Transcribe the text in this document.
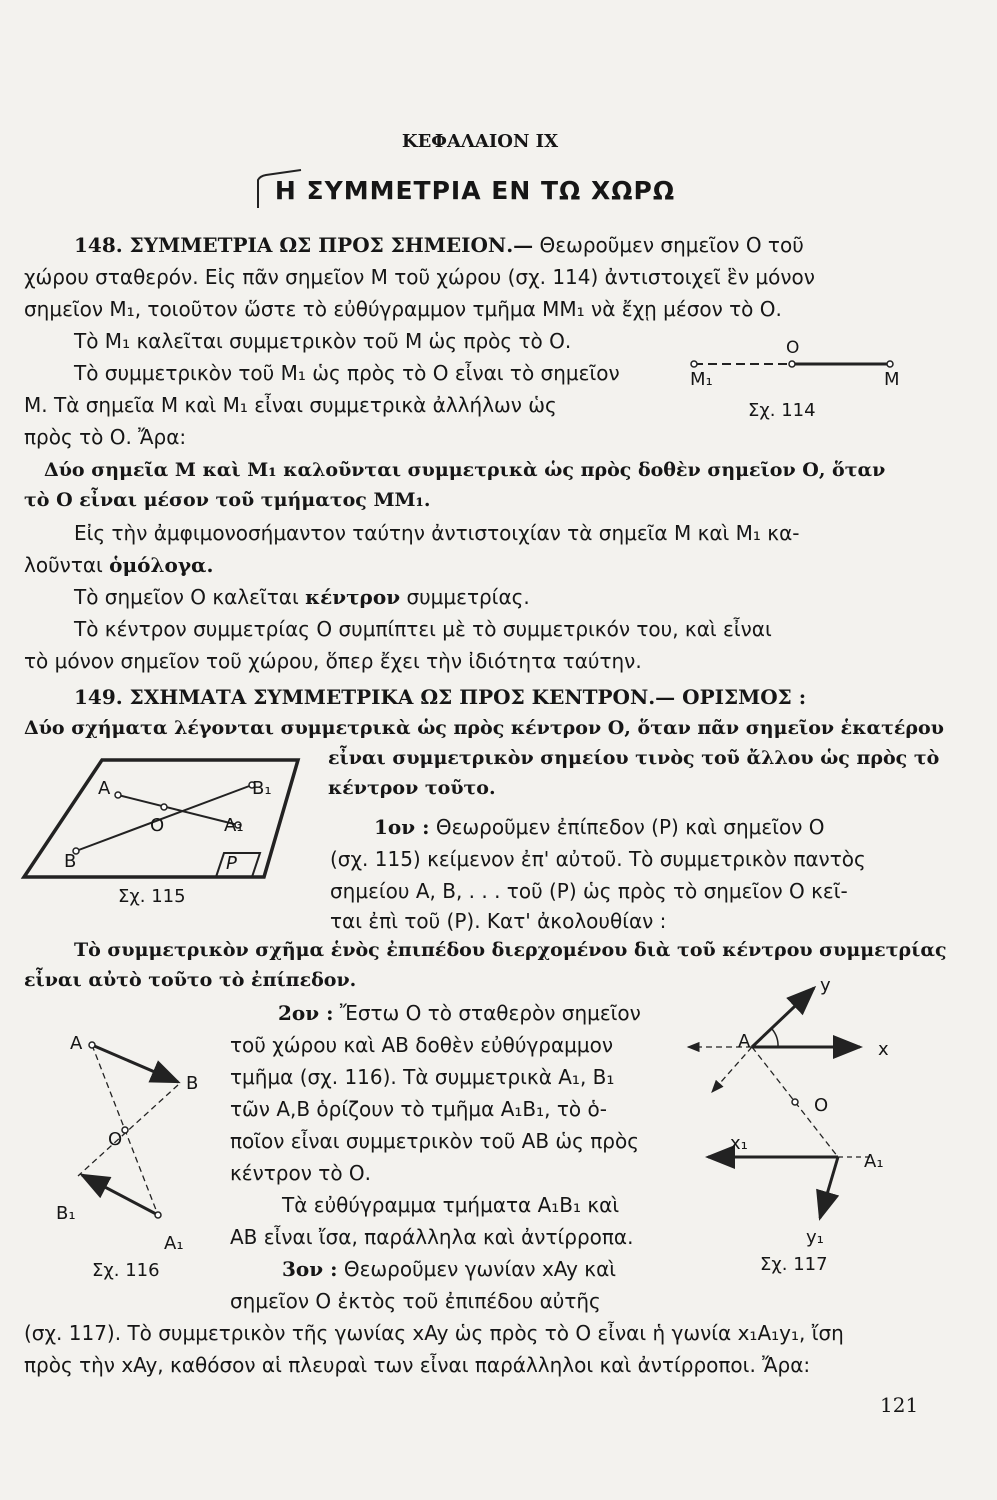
ΚΕΦΑΛΑΙΟΝ IX
Η ΣΥΜΜΕΤΡΙΑ ΕΝ ΤΩ ΧΩΡΩ
148. ΣΥΜΜΕΤΡΙΑ ΩΣ ΠΡΟΣ ΣΗΜΕΙΟΝ.— Θεωροῦμεν σημεῖον Ο τοῦ
χώρου σταθερόν. Εἰς πᾶν σημεῖον Μ τοῦ χώρου (σχ. 114) ἀντιστοιχεῖ ἓν μόνον
σημεῖον Μ₁, τοιοῦτον ὥστε τὸ εὐθύγραμμον τμῆμα ΜΜ₁ νὰ ἔχῃ μέσον τὸ Ο.
Τὸ Μ₁ καλεῖται συμμετρικὸν τοῦ Μ ὡς πρὸς τὸ Ο.
Τὸ συμμετρικὸν τοῦ Μ₁ ὡς πρὸς τὸ Ο εἶναι τὸ σημεῖον
Μ. Τὰ σημεῖα Μ καὶ Μ₁ εἶναι συμμετρικὰ ἀλλήλων ὡς
πρὸς τὸ Ο. Ἄρα:
Δύο σημεῖα Μ καὶ Μ₁ καλοῦνται συμμετρικὰ ὡς πρὸς δοθὲν σημεῖον Ο, ὅταν
τὸ Ο εἶναι μέσον τοῦ τμήματος ΜΜ₁.
Εἰς τὴν ἀμφιμονοσήμαντον ταύτην ἀντιστοιχίαν τὰ σημεῖα Μ καὶ Μ₁ κα-
λοῦνται ὁμόλογα.
Τὸ σημεῖον Ο καλεῖται κέντρον συμμετρίας.
Τὸ κέντρον συμμετρίας Ο συμπίπτει μὲ τὸ συμμετρικόν του, καὶ εἶναι
τὸ μόνον σημεῖον τοῦ χώρου, ὅπερ ἔχει τὴν ἰδιότητα ταύτην.
O
Μ₁	Μ
Σχ. 114
149. ΣΧΗΜΑΤΑ ΣΥΜΜΕΤΡΙΚΑ ΩΣ ΠΡΟΣ ΚΕΝΤΡΟΝ.— ΟΡΙΣΜΟΣ :
Δύο σχήματα λέγονται συμμετρικὰ ὡς πρὸς κέντρον Ο, ὅταν πᾶν σημεῖον ἑκατέρου
εἶναι συμμετρικὸν σημείου τινὸς τοῦ ἄλλου ὡς πρὸς τὸ
κέντρον τοῦτο.
1ον : Θεωροῦμεν ἐπίπεδον (Ρ) καὶ σημεῖον Ο
(σχ. 115) κείμενον ἐπ' αὐτοῦ. Τὸ συμμετρικὸν παντὸς
σημείου Α, Β, . . . τοῦ (Ρ) ὡς πρὸς τὸ σημεῖον Ο κεῖ-
ται ἐπὶ τοῦ (Ρ). Κατ' ἀκολουθίαν :
A	B₁
O	A₁
B	P
Σχ. 115
Τὸ συμμετρικὸν σχῆμα ἑνὸς ἐπιπέδου διερχομένου διὰ τοῦ κέντρου συμμετρίας
εἶναι αὐτὸ τοῦτο τὸ ἐπίπεδον.
2ον : Ἔστω Ο τὸ σταθερὸν σημεῖον
τοῦ χώρου καὶ ΑΒ δοθὲν εὐθύγραμμον
τμῆμα (σχ. 116). Τὰ συμμετρικὰ Α₁, Β₁
τῶν Α,Β ὁρίζουν τὸ τμῆμα Α₁Β₁, τὸ ὁ-
ποῖον εἶναι συμμετρικὸν τοῦ ΑΒ ὡς πρὸς
κέντρον τὸ Ο.
Τὰ εὐθύγραμμα τμήματα Α₁Β₁ καὶ
ΑΒ εἶναι ἴσα, παράλληλα καὶ ἀντίρροπα.
3ον : Θεωροῦμεν γωνίαν xAy καὶ
σημεῖον Ο ἐκτὸς τοῦ ἐπιπέδου αὐτῆς
(σχ. 117). Τὸ συμμετρικὸν τῆς γωνίας xAy ὡς πρὸς τὸ Ο εἶναι ἡ γωνία x₁A₁y₁, ἴση
πρὸς τὴν xAy, καθόσον αἱ πλευραὶ των εἶναι παράλληλοι καὶ ἀντίρροποι. Ἄρα:
A
B
O
B₁
A₁
Σχ. 116
y
A	x
O
x₁
A₁
y₁
Σχ. 117
121
